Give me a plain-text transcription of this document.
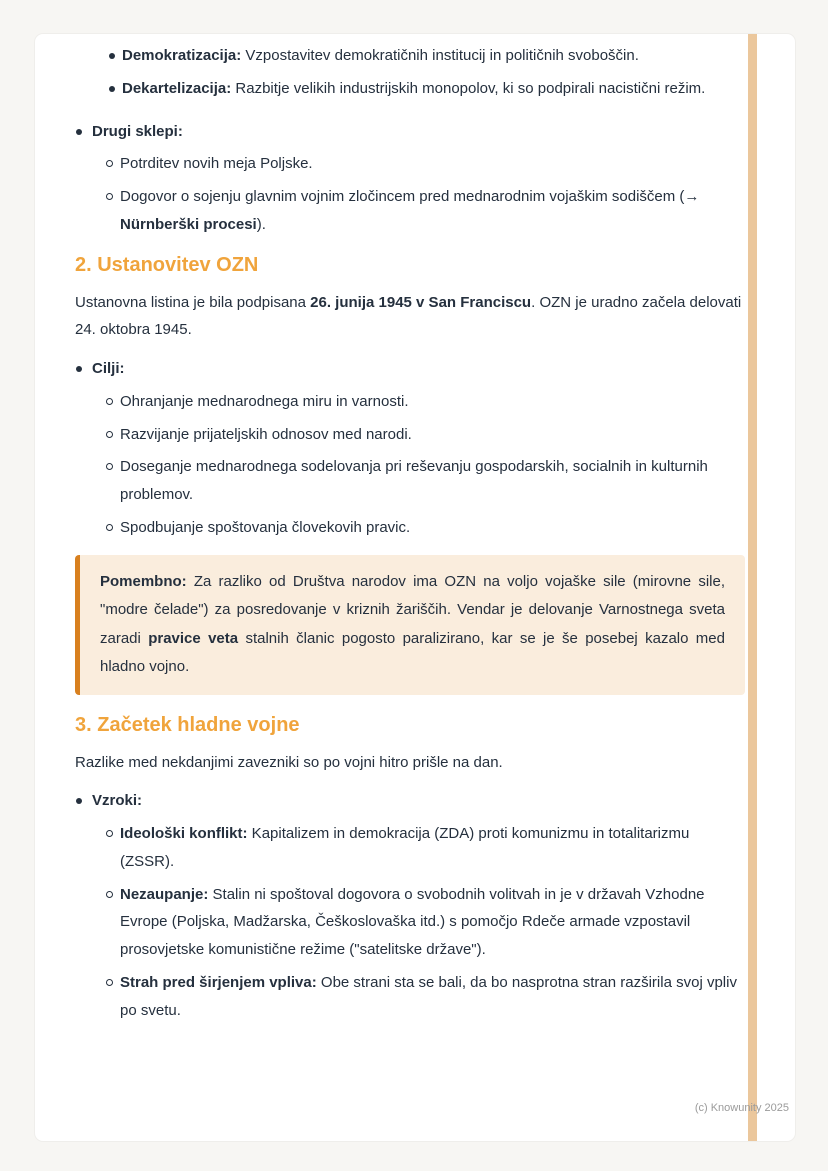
(c) Knowunity 2025
Demokratizacija: Vzpostavitev demokratičnih institucij in političnih svoboščin.
Dekartelizacija: Razbitje velikih industrijskih monopolov, ki so podpirali nacistični režim.
Drugi sklepi:
Potrditev novih meja Poljske.
Dogovor o sojenju glavnim vojnim zločincem pred mednarodnim vojaškim sodiščem (→ Nürnberški procesi).
2. Ustanovitev OZN

Ustanovna listina je bila podpisana 26. junija 1945 v San Franciscu. OZN je uradno začela delovati 24. oktobra 1945.

Cilji:
Ohranjanje mednarodnega miru in varnosti.
Razvijanje prijateljskih odnosov med narodi.
Doseganje mednarodnega sodelovanja pri reševanju gospodarskih, socialnih in kulturnih problemov.
Spodbujanje spoštovanja človekovih pravic.

Pomembno: Za razliko od Društva narodov ima OZN na voljo vojaške sile (mirovne sile, "modre čelade") za posredovanje v kriznih žariščih. Vendar je delovanje Varnostnega sveta zaradi pravice veta stalnih članic pogosto paralizirano, kar se je še posebej kazalo med hladno vojno.

3. Začetek hladne vojne

Razlike med nekdanjimi zavezniki so po vojni hitro prišle na dan.

Vzroki:
Ideološki konflikt: Kapitalizem in demokracija (ZDA) proti komunizmu in totalitarizmu (ZSSR).
Nezaupanje: Stalin ni spoštoval dogovora o svobodnih volitvah in je v državah Vzhodne Evrope (Poljska, Madžarska, Češkoslovaška itd.) s pomočjo Rdeče armade vzpostavil prosovjetske komunistične režime ("satelitske države").
Strah pred širjenjem vpliva: Obe strani sta se bali, da bo nasprotna stran razširila svoj vpliv po svetu.
